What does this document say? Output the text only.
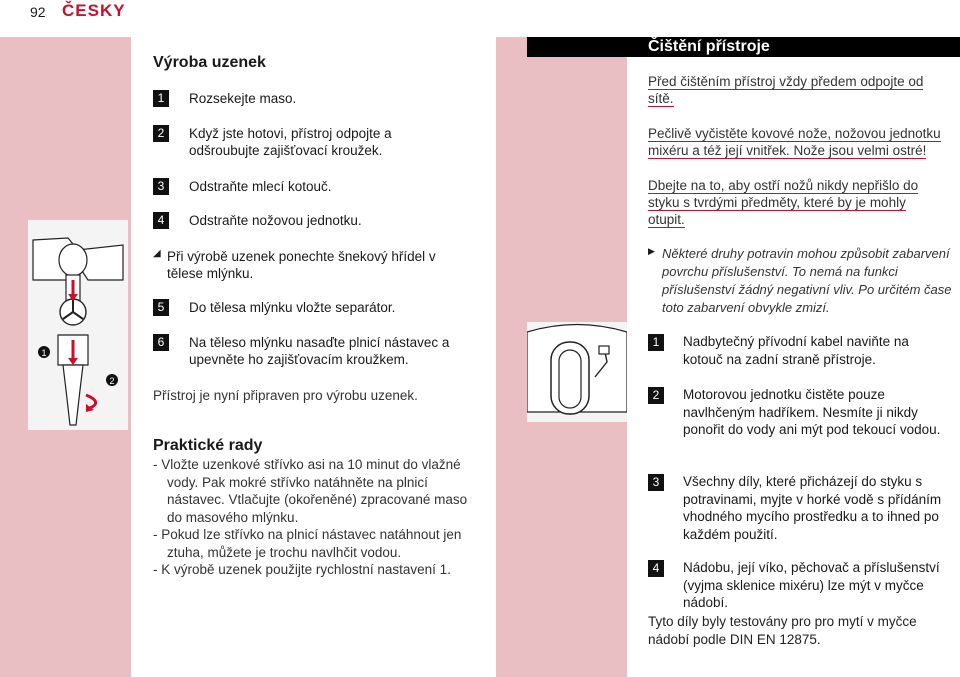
92 ČESKY
1
2
Výroba uzenek
1	Rozsekejte maso.
2	Když jste hotovi, přístroj odpojte a odšroubujte zajišťovací kroužek.
3	Odstraňte mlecí kotouč.
4	Odstraňte nožovou jednotku.
◢ Při výrobě uzenek ponechte šnekový hřídel v tělese mlýnku.
5	Do tělesa mlýnku vložte separátor.
6	Na těleso mlýnku nasaďte plnicí nástavec a upevněte ho zajišťovacím kroužkem.
Přístroj je nyní připraven pro výrobu uzenek.
Praktické rady
- Vložte uzenkové střívko asi na 10 minut do vlažné vody. Pak mokré střívko natáhněte na plnicí nástavec. Vtlačujte (okořeněné) zpracované maso do masového mlýnku.
- Pokud lze střívko na plnicí nástavec natáhnout jen ztuha, můžete je trochu navlhčit vodou.
- K výrobě uzenek použijte rychlostní nastavení 1.
Čištění přístroje

Před čištěním přístroj vždy předem odpojte od sítě.

Pečlivě vyčistěte kovové nože, nožovou jednotku mixéru a též její vnitřek. Nože jsou velmi ostré!

Dbejte na to, aby ostří nožů nikdy nepřišlo do styku s tvrdými předměty, které by je mohly otupit.

▶ Některé druhy potravin mohou způsobit zabarvení povrchu příslušenství. To nemá na funkci příslušenství žádný negativní vliv. Po určitém čase toto zabarvení obvykle zmizí.
1	Nadbytečný přívodní kabel naviňte na kotouč na zadní straně přístroje.
2	Motorovou jednotku čistěte pouze navlhčeným hadříkem. Nesmíte ji nikdy ponořit do vody ani mýt pod tekoucí vodou.
3	Všechny díly, které přicházejí do styku s potravinami, myjte v horké vodě s přídáním vhodného mycího prostředku a to ihned po každém použití.
4	Nádobu, její víko, pěchovač a příslušenství (vyjma sklenice mixéru) lze mýt v myčce nádobí.
Tyto díly byly testovány pro pro mytí v myčce nádobí podle DIN EN 12875.
